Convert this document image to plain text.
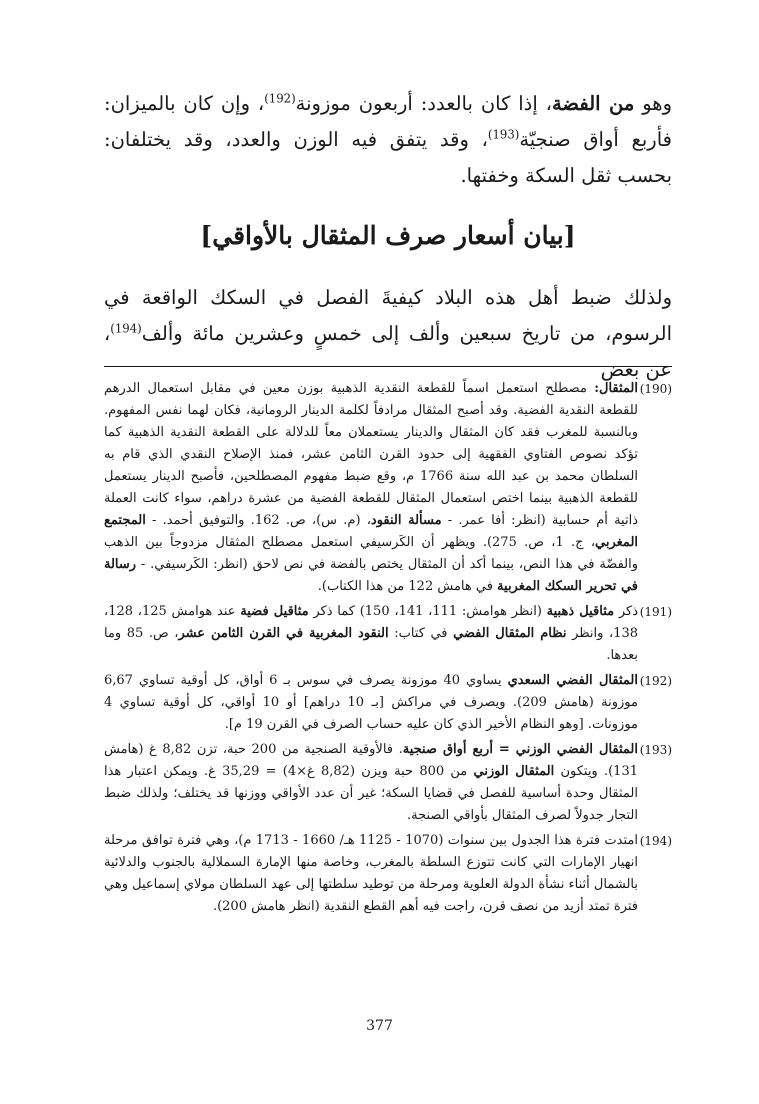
وهو من الفضة، إذا كان بالعدد: أربعون موزونة$^{(192)}$، وإن كان بالميزان: فأربع أواق صنجيّة$^{(193)}$، وقد يتفق فيه الوزن والعدد، وقد يختلفان: بحسب ثقل السكة وخفتها.

[بيان أسعار صرف المثقال بالأواقي]

ولذلك ضبط أهل هذه البلاد كيفيةَ الفصل في السكك الواقعة في الرسوم، من تاريخ سبعين وألف إلى خمسٍ وعشرين مائة وألف$^{(194)}$، عن بعض

(190)
المثقال: مصطلح استعمل اسماً للقطعة النقدية الذهبية بوزن معين في مقابل استعمال الدرهم للقطعة النقدية الفضية. وقد أصبح المثقال مرادفاً لكلمة الدينار الرومانية، فكان لهما نفس المفهوم. وبالنسبة للمغرب فقد كان المثقال والدينار يستعملان معاً للدلالة على القطعة النقدية الذهبية كما تؤكد نصوص الفتاوي الفقهية إلى حدود القرن الثامن عشر، فمنذ الإصلاح النقدي الذي قام به السلطان محمد بن عبد الله سنة 1766 م، وقع ضبط مفهوم المصطلحين، فأصبح الدينار يستعمل للقطعة الذهبية بينما اختص استعمال المثقال للقطعة الفضية من عشرة دراهم، سواء كانت العملة ذاتية أم حسابية (انظر: أفا عمر. - مسألة النقود، (م. س)، ص. 162. والتوفيق أحمد. - المجتمع المغربي، ج. 1، ص. 275). ويظهر أن الكَرسيفي استعمل مصطلح المثقال مزدوجاً بين الذهب والفضّة في هذا النص، بينما أكد أن المثقال يختص بالفضة في نص لاحق (انظر: الكَرسيفي. - رسالة في تحرير السكك المغربية في هامش 122 من هذا الكتاب).
(191)
ذكر مثاقيل ذهبية (انظر هوامش: 111، 141، 150) كما ذكر مثاقيل فضية عند هوامش 125، 128، 138، وانظر نظام المثقال الفضي في كتاب: النقود المغربية في القرن الثامن عشر، ص. 85 وما بعدها.
(192)
المثقال الفضي السعدي يساوي 40 موزونة يصرف في سوس بـ 6 أواق، كل أوقية تساوي 6,67 موزونة (هامش 209). ويصرف في مراكش [بـ 10 دراهم] أو 10 أواقي، كل أوقية تساوي 4 موزونات. [وهو النظام الأخير الذي كان عليه حساب الصرف في القرن 19 م].
(193)
المثقال الفضي الوزني = أربع أواق صنجية. فالأوقية الصنجية من 200 حبة، تزن 8,82 غ (هامش 131). ويتكون المثقال الوزني من 800 حبة ويزن (8,82 غ×4) = 35,29 غ. ويمكن اعتبار هذا المثقال وحدة أساسية للفصل في قضايا السكة؛ غير أن عدد الأواقي ووزنها قد يختلف؛ ولذلك ضبط التجار جدولاً لصرف المثقال بأواقي الصنجة.
(194)
امتدت فترة هذا الجدول بين سنوات (1070 - 1125 هـ/ 1660 - 1713 م)، وهي فترة توافق مرحلة انهيار الإمارات التي كانت تتوزع السلطة بالمغرب، وخاصة منها الإمارة السملالية بالجنوب والدلائية بالشمال أثناء نشأة الدولة العلوية ومرحلة من توطيد سلطتها إلى عهد السلطان مولاي إسماعيل وهي فترة تمتد أزيد من نصف قرن، راجت فيه أهم القطع النقدية (انظر هامش 200).
377
